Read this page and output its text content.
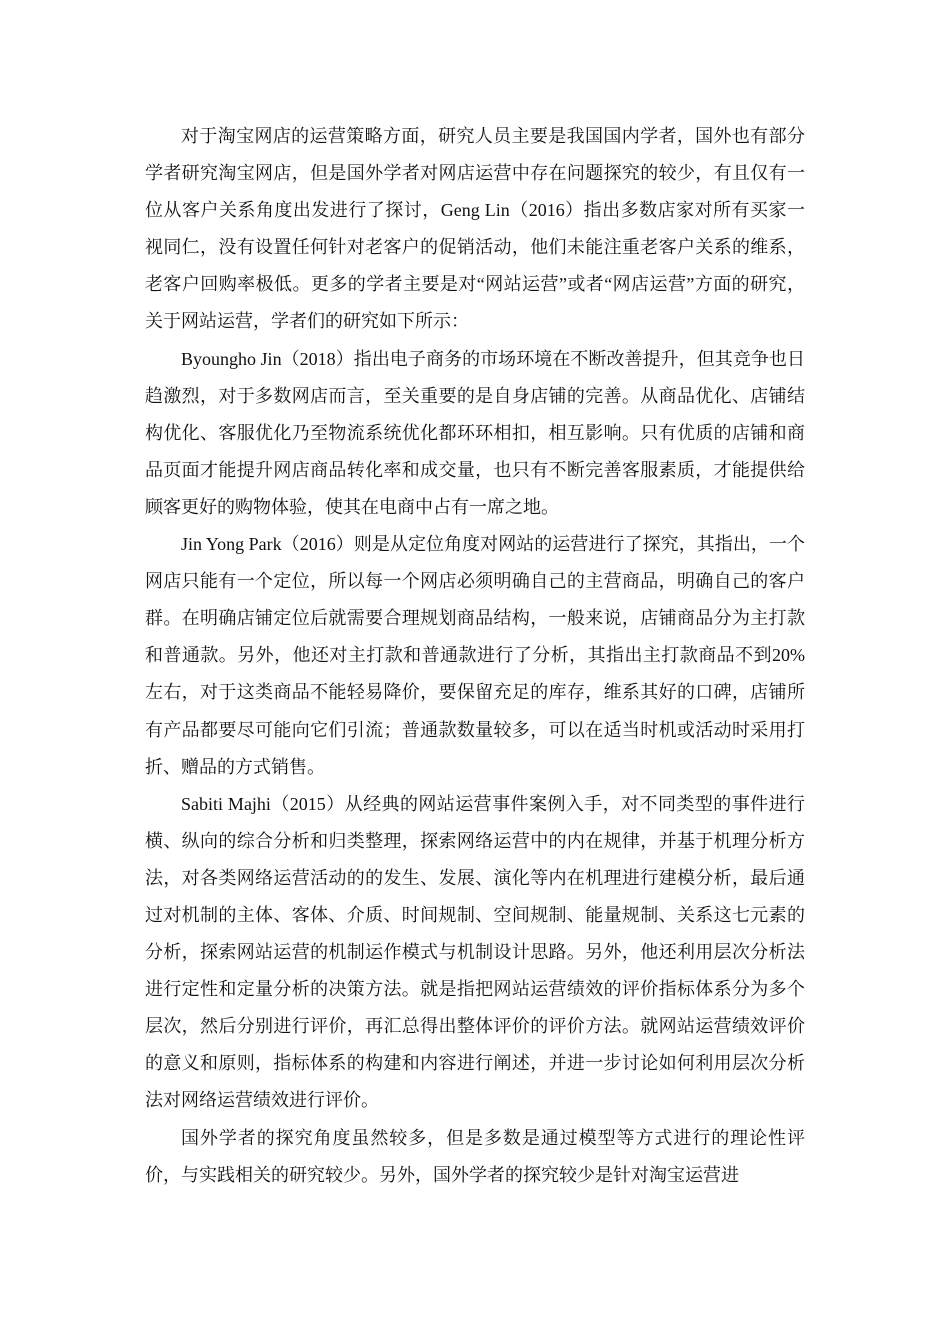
对于淘宝网店的运营策略方面，研究人员主要是我国国内学者，国外也有部分学者研究淘宝网店，但是国外学者对网店运营中存在问题探究的较少，有且仅有一位从客户关系角度出发进行了探讨，Geng Lin（2016）指出多数店家对所有买家一视同仁，没有设置任何针对老客户的促销活动，他们未能注重老客户关系的维系，老客户回购率极低。更多的学者主要是对“网站运营”或者“网店运营”方面的研究，关于网站运营，学者们的研究如下所示：

Byoungho Jin（2018）指出电子商务的市场环境在不断改善提升，但其竞争也日趋激烈，对于多数网店而言，至关重要的是自身店铺的完善。从商品优化、店铺结构优化、客服优化乃至物流系统优化都环环相扣，相互影响。只有优质的店铺和商品页面才能提升网店商品转化率和成交量，也只有不断完善客服素质，才能提供给顾客更好的购物体验，使其在电商中占有一席之地。

Jin Yong Park（2016）则是从定位角度对网站的运营进行了探究，其指出，一个网店只能有一个定位，所以每一个网店必须明确自己的主营商品，明确自己的客户群。在明确店铺定位后就需要合理规划商品结构，一般来说，店铺商品分为主打款和普通款。另外，他还对主打款和普通款进行了分析，其指出主打款商品不到20%左右，对于这类商品不能轻易降价，要保留充足的库存，维系其好的口碑，店铺所有产品都要尽可能向它们引流；普通款数量较多，可以在适当时机或活动时采用打折、赠品的方式销售。

Sabiti Majhi（2015）从经典的网站运营事件案例入手，对不同类型的事件进行横、纵向的综合分析和归类整理，探索网络运营中的内在规律，并基于机理分析方法，对各类网络运营活动的的发生、发展、演化等内在机理进行建模分析，最后通过对机制的主体、客体、介质、时间规制、空间规制、能量规制、关系这七元素的分析，探索网站运营的机制运作模式与机制设计思路。另外，他还利用层次分析法进行定性和定量分析的决策方法。就是指把网站运营绩效的评价指标体系分为多个层次，然后分别进行评价，再汇总得出整体评价的评价方法。就网站运营绩效评价的意义和原则，指标体系的构建和内容进行阐述，并进一步讨论如何利用层次分析法对网络运营绩效进行评价。

国外学者的探究角度虽然较多，但是多数是通过模型等方式进行的理论性评价，与实践相关的研究较少。另外，国外学者的探究较少是针对淘宝运营进
